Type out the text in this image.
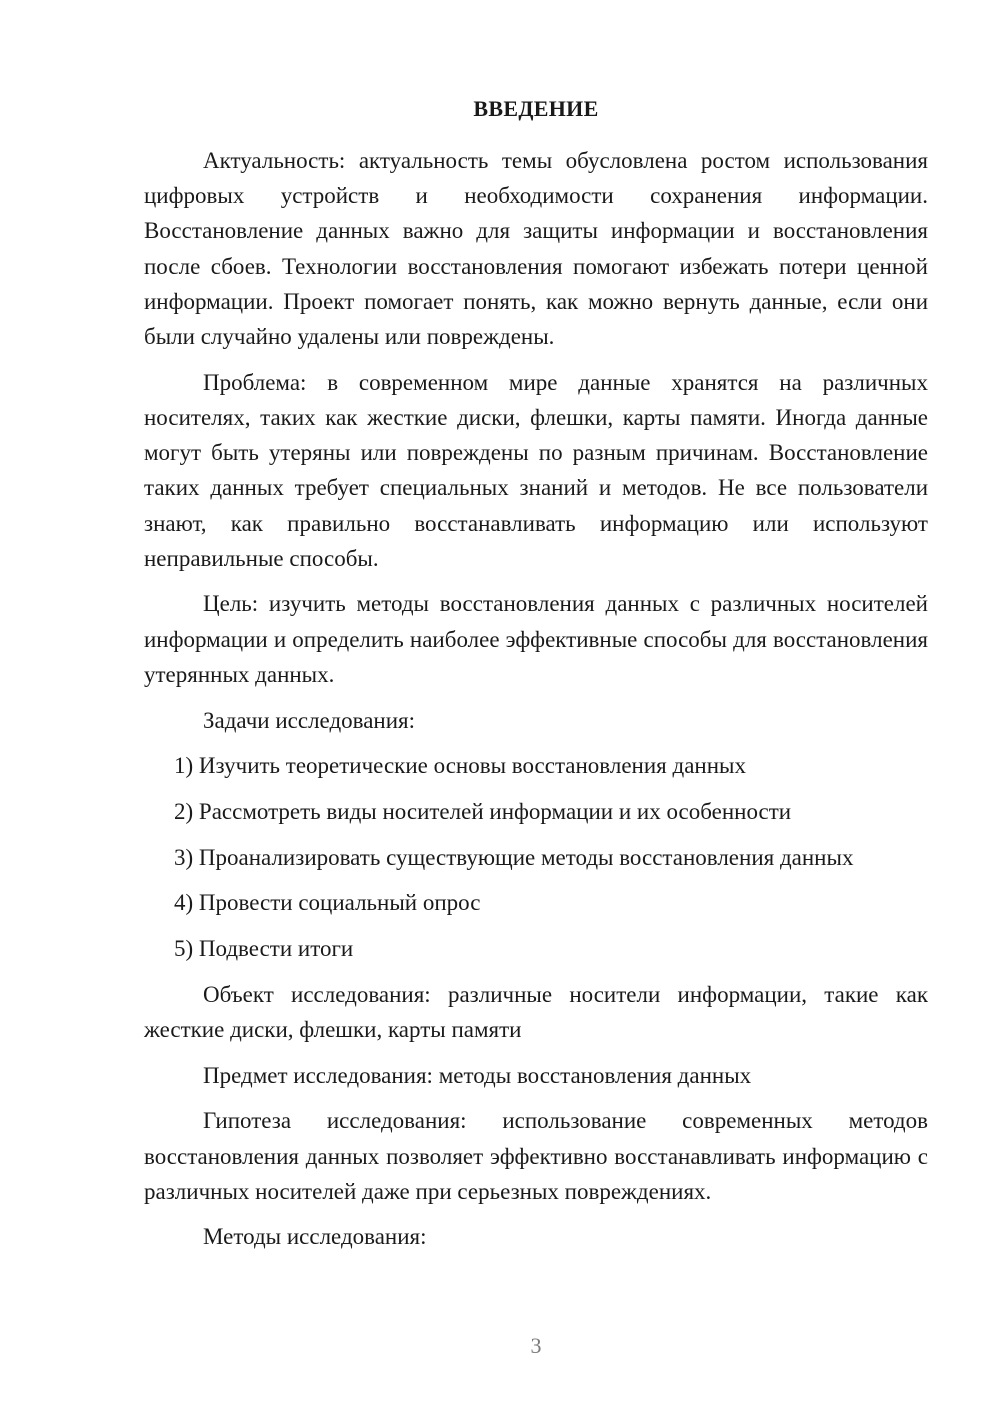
ВВЕДЕНИЕ

Актуальность: актуальность темы обусловлена ростом использования цифровых устройств и необходимости сохранения информации. Восстановление данных важно для защиты информации и восстановления после сбоев. Технологии восстановления помогают избежать потери ценной информации. Проект помогает понять, как можно вернуть данные, если они были случайно удалены или повреждены.

Проблема: в современном мире данные хранятся на различных носителях, таких как жесткие диски, флешки, карты памяти. Иногда данные могут быть утеряны или повреждены по разным причинам. Восстановление таких данных требует специальных знаний и методов. Не все пользователи знают, как правильно восстанавливать информацию или используют неправильные способы.

Цель: изучить методы восстановления данных с различных носителей информации и определить наиболее эффективные способы для восстановления утерянных данных.

Задачи исследования:

1) Изучить теоретические основы восстановления данных
2) Рассмотреть виды носителей информации и их особенности
3) Проанализировать существующие методы восстановления данных
4) Провести социальный опрос
5) Подвести итоги

Объект исследования: различные носители информации, такие как жесткие диски, флешки, карты памяти

Предмет исследования: методы восстановления данных

Гипотеза исследования: использование современных методов восстановления данных позволяет эффективно восстанавливать информацию с различных носителей даже при серьезных повреждениях.

Методы исследования:

3
